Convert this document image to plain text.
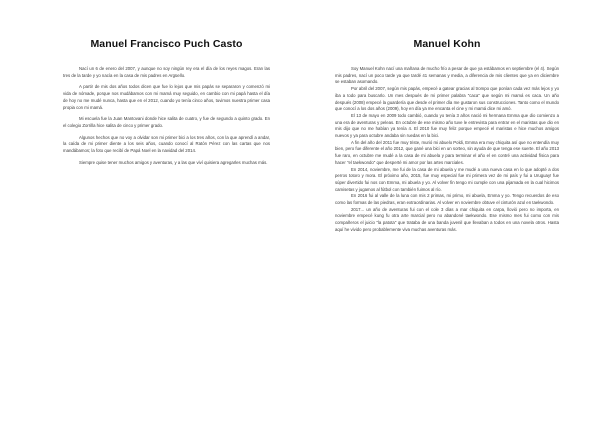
Manuel Francisco Puch Casto

Nací un 6 de enero del 2007, y aunque no soy ningún rey era el día de los reyes magos. Eran las tres de la tarde y yo nacía en la casa de mis padres en Argüello.

A partir de mis dos años todos dicen que fue lo lejos que mis papás se separaron y comenzó mi vida de nómade, porque nos mudábamos con mi mamá muy seguido, en cambio con mi papá hasta el día de hoy no me mudé nunca, hasta que en el 2012, cuando yo tenía cinco años, tuvimos nuestra primer casa propia con mi mamá.

Mi escuela fue la Juan Mantovani donde hice salita de cuatro, y fue de segundo a quinto grado. En el colegio Zorrilla hice salita de cinco y primer grado.

Algunos hechos que no voy a olvidar son mi primer bici a los tres años, con la que aprendí a andar, la caída de mi primer diente a los seis años, cuando conocí al Ratón Pérez con las cartas que nos mandábamos; la foto que recibí de Papá Noel en la navidad del 2014.

Siempre quise tener muchos amigos y aventuras, y a las que viví quisiera agregarles muchas más.

Manuel Kohn

Soy Manuel Kohn nací una mañana de mucho frío a pesar de que ya estábamos en septiembre (el 4). Según mis padres, nací un poco tarde ya que tardé 41 semanas y media, a diferencia de mis clientes que ya en diciembre se estaban asomando.

Por abril del 2007, según mis papás, empecé a gatear gracias al trompo que ponían cada vez más lejos y yo iba a todo para buscarlo. Un mes después de mi primer palabra "caca" que según mi mamá es caca. Un año después (2008) empecé la guardería que desde el primer día me gustaron sus construcciones. Tanto como el mundo que conocí a los dos años (2009), hoy en día ya me encanta el cine y mi mamá dice mi amó.

El 13 de mayo en 2009 todo cambió, cuando yo tenía 3 años nació mi hermana Emma que dio comienzo a una era de aventuras y peleas. En octubre de ese mismo año tuve le entrevista para entrar en el maristas que dio en mis dijo que no me habían ya tenía 4. El 2010 fue muy feliz porque empecé el maristas e hice muchos amigos nuevos y ya para octubre andaba sin ruedas en la bici.

A fin del año del 2011 fue muy triste, murió mi abuelo Poldi, Emma era muy chiquita así que no entendía muy bien, pero fue diferente el año 2012, que gané una bici en un sorteo, sin ayuda de que tenga ese suerte. El año 2013 fue raro, en octubre me mudé a la casa de mi abuela y para terminar el año el en contré una actividad física para hacer "el taekwondo" que desperté mi amor por las artes marciales.

En 2014, noviembre, me fui de la casa de mi abuela y me mudé a una nueva casa en lo que adopté a dos perros totoro y mora. El próximo año, 2015, fue muy especial fue mi primera vez de mi país y fui a Uruguay! fue súper divertido fui nos con Emma, mi abuela y yo. Al volver fin tengo mi cumple con una pijamada en la cual hicimos camisetas y jugamos al fútbol con también fuimos al río.

En 2016 fui al valle de la luna con mis 2 primas, mi primo, mi abuela, Emma y yo. Tengo recuerdos de eso como las formas de las piedras, eran extraordinarias. Al volver en noviembre obtuve el cinturón azul en taekwondo.

2017... un año de aventuras fui con el cole 3 días a mar chiquita en carpa, llovió pero no importa, en noviembre empecé kung fu otra arte marcial pero no abandoné taekwondo. Ese mismo mes fui como con mis compañeros el juicio "la patota" que trataba de una banda juvenil que llevaban a todos en una novela otros. Hasta aquí he vivido pero probablemente viva muchas aventuras más.
